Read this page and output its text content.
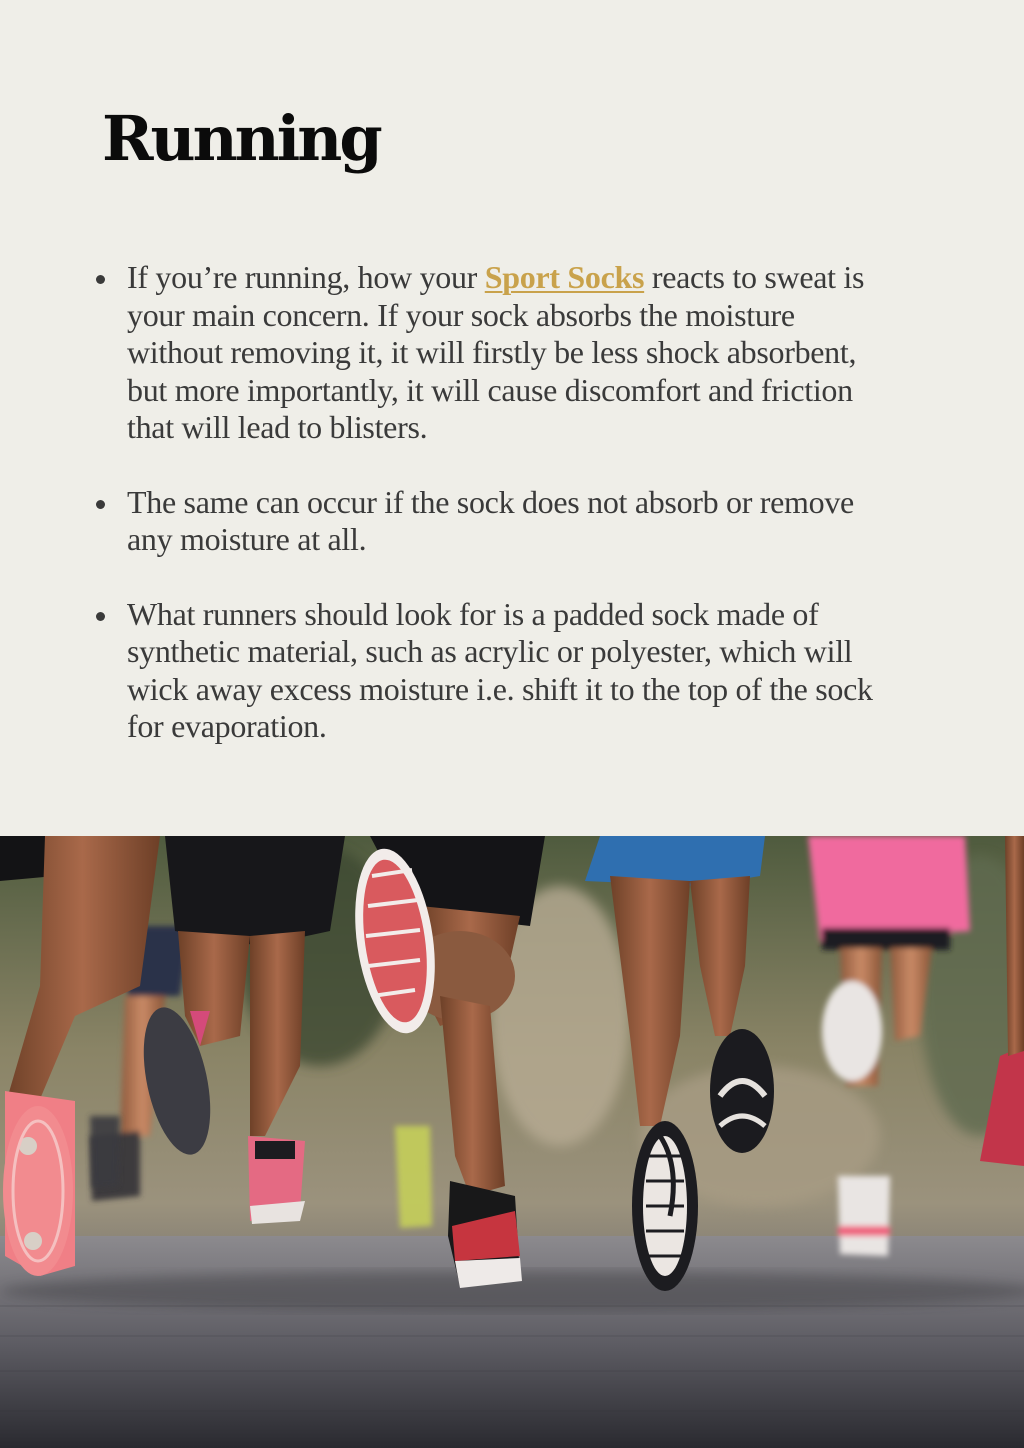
Running
If you’re running, how your Sport Socks reacts to sweat is your main concern. If your sock absorbs the moisture without removing it, it will firstly be less shock absorbent, but more importantly, it will cause discomfort and friction that will lead to blisters.
The same can occur if the sock does not absorb or remove any moisture at all.
What runners should look for is a padded sock made of synthetic material, such as acrylic or polyester, which will wick away excess moisture i.e. shift it to the top of the sock for evaporation.
